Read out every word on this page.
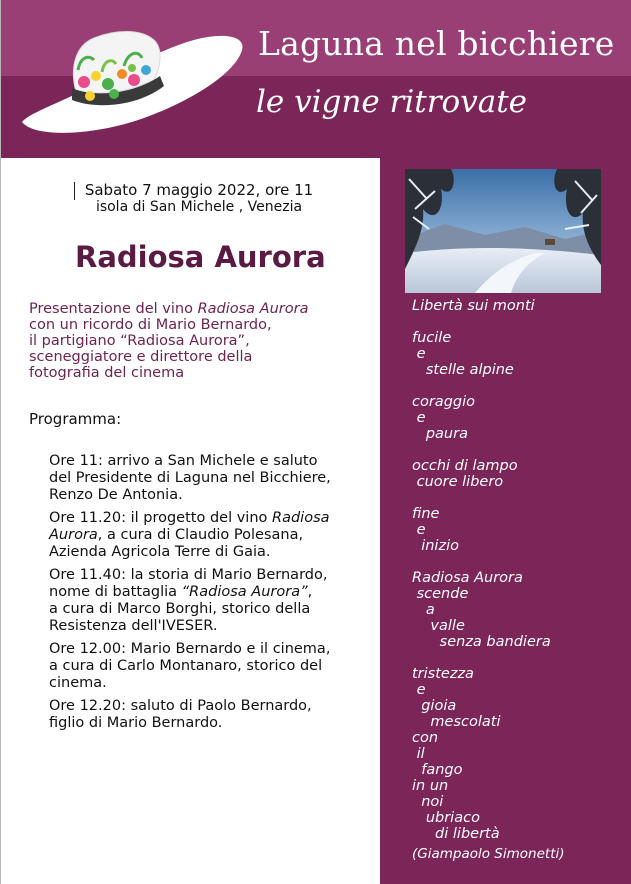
Laguna nel bicchiere
le vigne ritrovate
Sabato 7 maggio 2022, ore 11
isola di San Michele , Venezia
Radiosa Aurora

Presentazione del vino Radiosa Aurora
con un ricordo di Mario Bernardo,
il partigiano “Radiosa Aurora”,
sceneggiatore e direttore della
fotografia del cinema

Programma:
Ore 11: arrivo a San Michele e saluto
del Presidente di Laguna nel Bicchiere,
Renzo De Antonia.
Ore 11.20: il progetto del vino Radiosa
Aurora, a cura di Claudio Polesana,
Azienda Agricola Terre di Gaia.
Ore 11.40: la storia di Mario Bernardo,
nome di battaglia “Radiosa Aurora”,
a cura di Marco Borghi, storico della
Resistenza dell'IVESER.
Ore 12.00: Mario Bernardo e il cinema,
a cura di Carlo Montanaro, storico del
cinema.
Ore 12.20: saluto di Paolo Bernardo,
figlio di Mario Bernardo.
Libertà sui monti

fucile
e
stelle alpine

coraggio
e
paura

occhi di lampo
cuore libero

fine
e
inizio

Radiosa Aurora
scende
a
valle
senza bandiera

tristezza
e
gioia
mescolati
con
il
fango
in un
noi
ubriaco
di libertà
(Giampaolo Simonetti)
